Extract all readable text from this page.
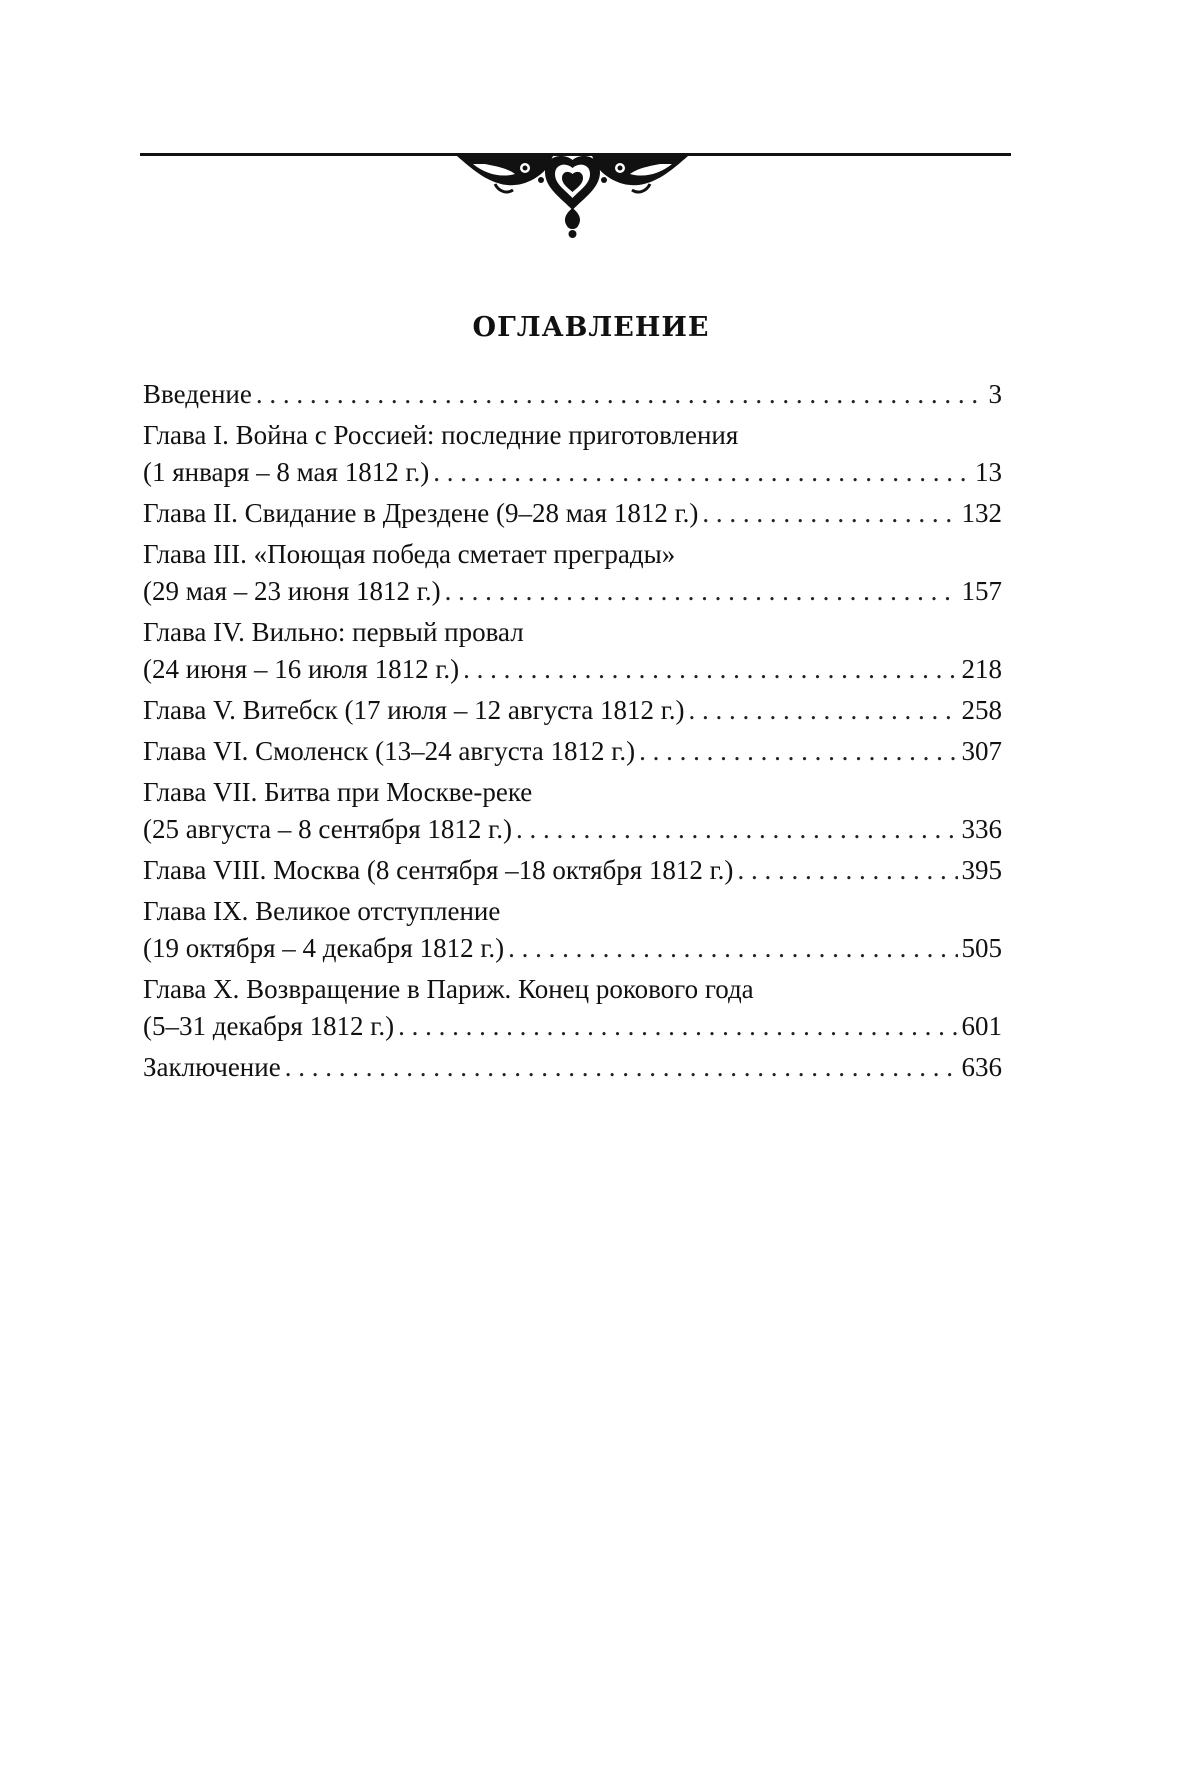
ОГЛАВЛЕНИЕ
Введение . . .	3
Глава I. Война с Россией: последние приготовления
(1 января – 8 мая 1812 г.) . . .	13
Глава II. Свидание в Дрездене (9–28 мая 1812 г.) . . .	132
Глава III. «Поющая победа сметает преграды»
(29 мая – 23 июня 1812 г.) . . .	157
Глава IV. Вильно: первый провал
(24 июня – 16 июля 1812 г.) . . .	218
Глава V. Витебск (17 июля – 12 августа 1812 г.) . . .	258
Глава VI. Смоленск (13–24 августа 1812 г.) . . .	307
Глава VII. Битва при Москве-реке
(25 августа – 8 сентября 1812 г.) . . .	336
Глава VIII. Москва (8 сентября –18 октября 1812 г.) . . .	395
Глава IX. Великое отступление
(19 октября – 4 декабря 1812 г.) . . .	505
Глава X. Возвращение в Париж. Конец рокового года
(5–31 декабря 1812 г.) . . .	601
Заключение . . .	636
